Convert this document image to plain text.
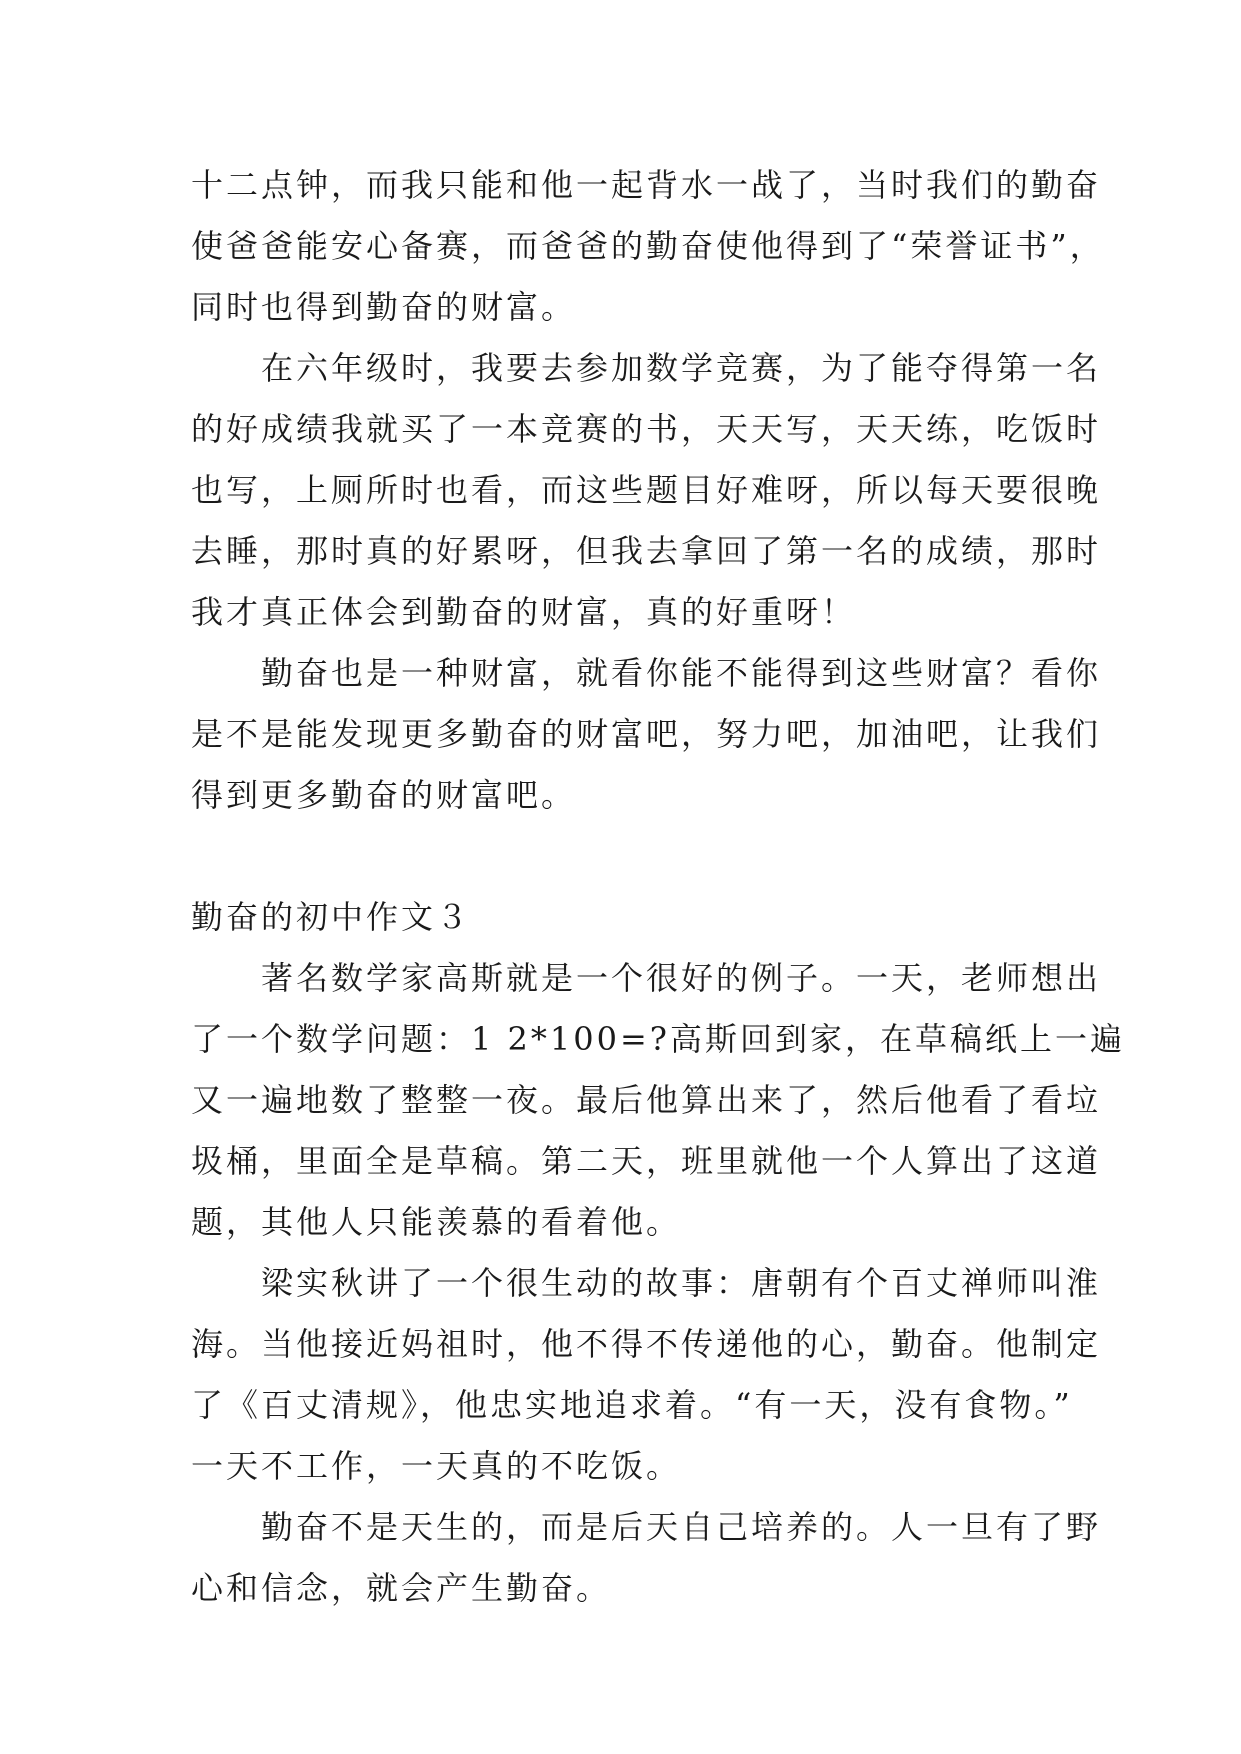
十二点钟，而我只能和他一起背水一战了，当时我们的勤奋

使爸爸能安心备赛，而爸爸的勤奋使他得到了“荣誉证书”，

同时也得到勤奋的财富。

　　在六年级时，我要去参加数学竞赛，为了能夺得第一名

的好成绩我就买了一本竞赛的书，天天写，天天练，吃饭时

也写，上厕所时也看，而这些题目好难呀，所以每天要很晚

去睡，那时真的好累呀，但我去拿回了第一名的成绩，那时

我才真正体会到勤奋的财富，真的好重呀！

　　勤奋也是一种财富，就看你能不能得到这些财富？看你

是不是能发现更多勤奋的财富吧，努力吧，加油吧，让我们

得到更多勤奋的财富吧。

勤奋的初中作文３

　　著名数学家高斯就是一个很好的例子。一天，老师想出

了一个数学问题：1 2*100=?高斯回到家，在草稿纸上一遍

又一遍地数了整整一夜。最后他算出来了，然后他看了看垃

圾桶，里面全是草稿。第二天，班里就他一个人算出了这道

题，其他人只能羡慕的看着他。

　　梁实秋讲了一个很生动的故事：唐朝有个百丈禅师叫淮

海。当他接近妈祖时，他不得不传递他的心，勤奋。他制定

了《百丈清规》，他忠实地追求着。“有一天，没有食物。”

一天不工作，一天真的不吃饭。

　　勤奋不是天生的，而是后天自己培养的。人一旦有了野

心和信念，就会产生勤奋。
